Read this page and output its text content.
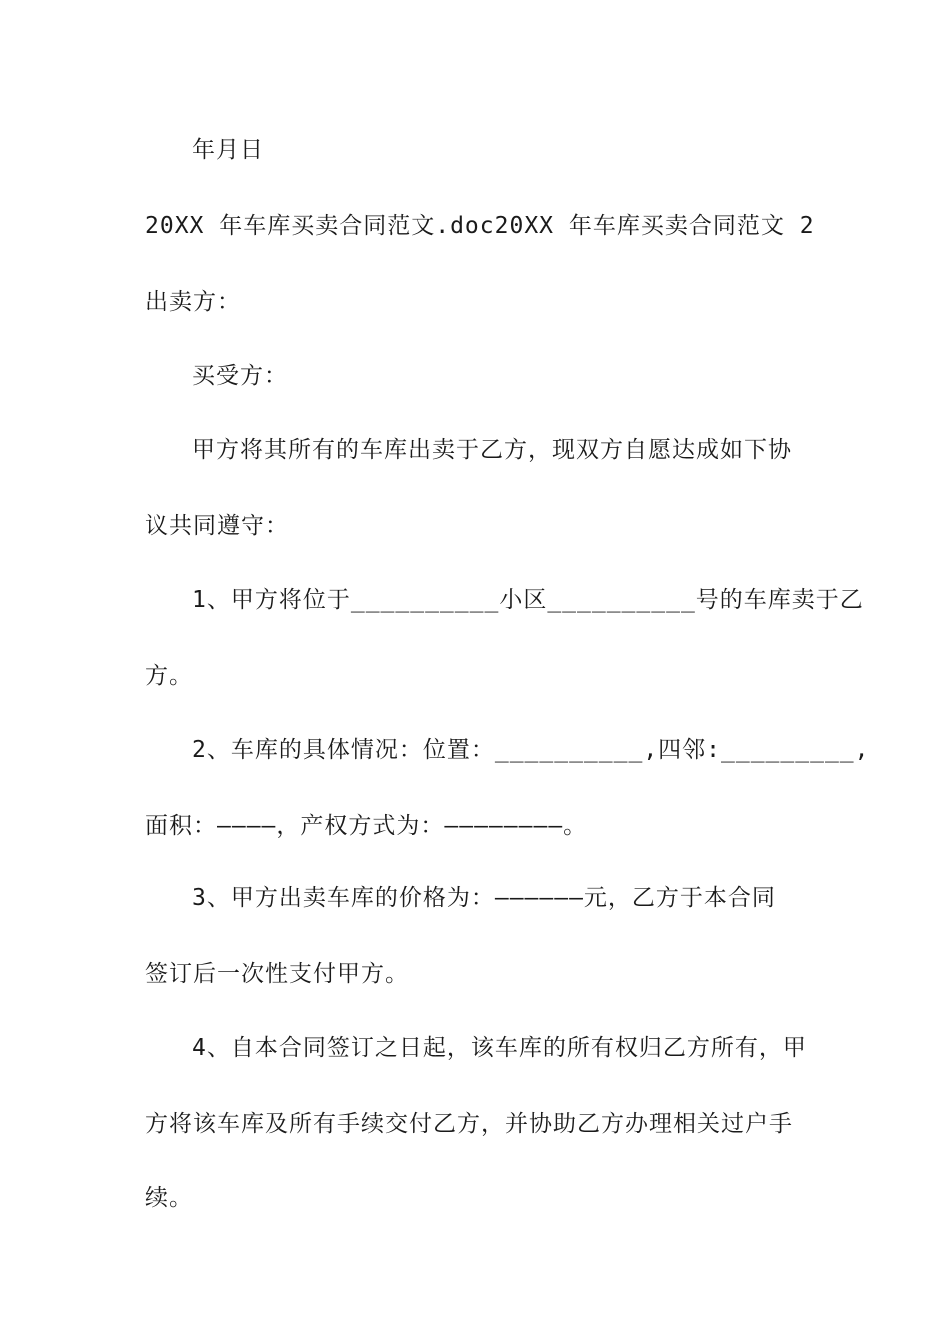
年月日
20XX 年车库买卖合同范文.doc20XX 年车库买卖合同范文 2
出卖方：
买受方：
甲方将其所有的车库出卖于乙方，现双方自愿达成如下协
议共同遵守：
1、甲方将位于__________小区__________号的车库卖于乙
方。
2、车库的具体情况：位置：__________,四邻:_________,
面积：————，产权方式为：————————。
3、甲方出卖车库的价格为：——————元，乙方于本合同
签订后一次性支付甲方。
4、自本合同签订之日起，该车库的所有权归乙方所有，甲
方将该车库及所有手续交付乙方，并协助乙方办理相关过户手
续。
